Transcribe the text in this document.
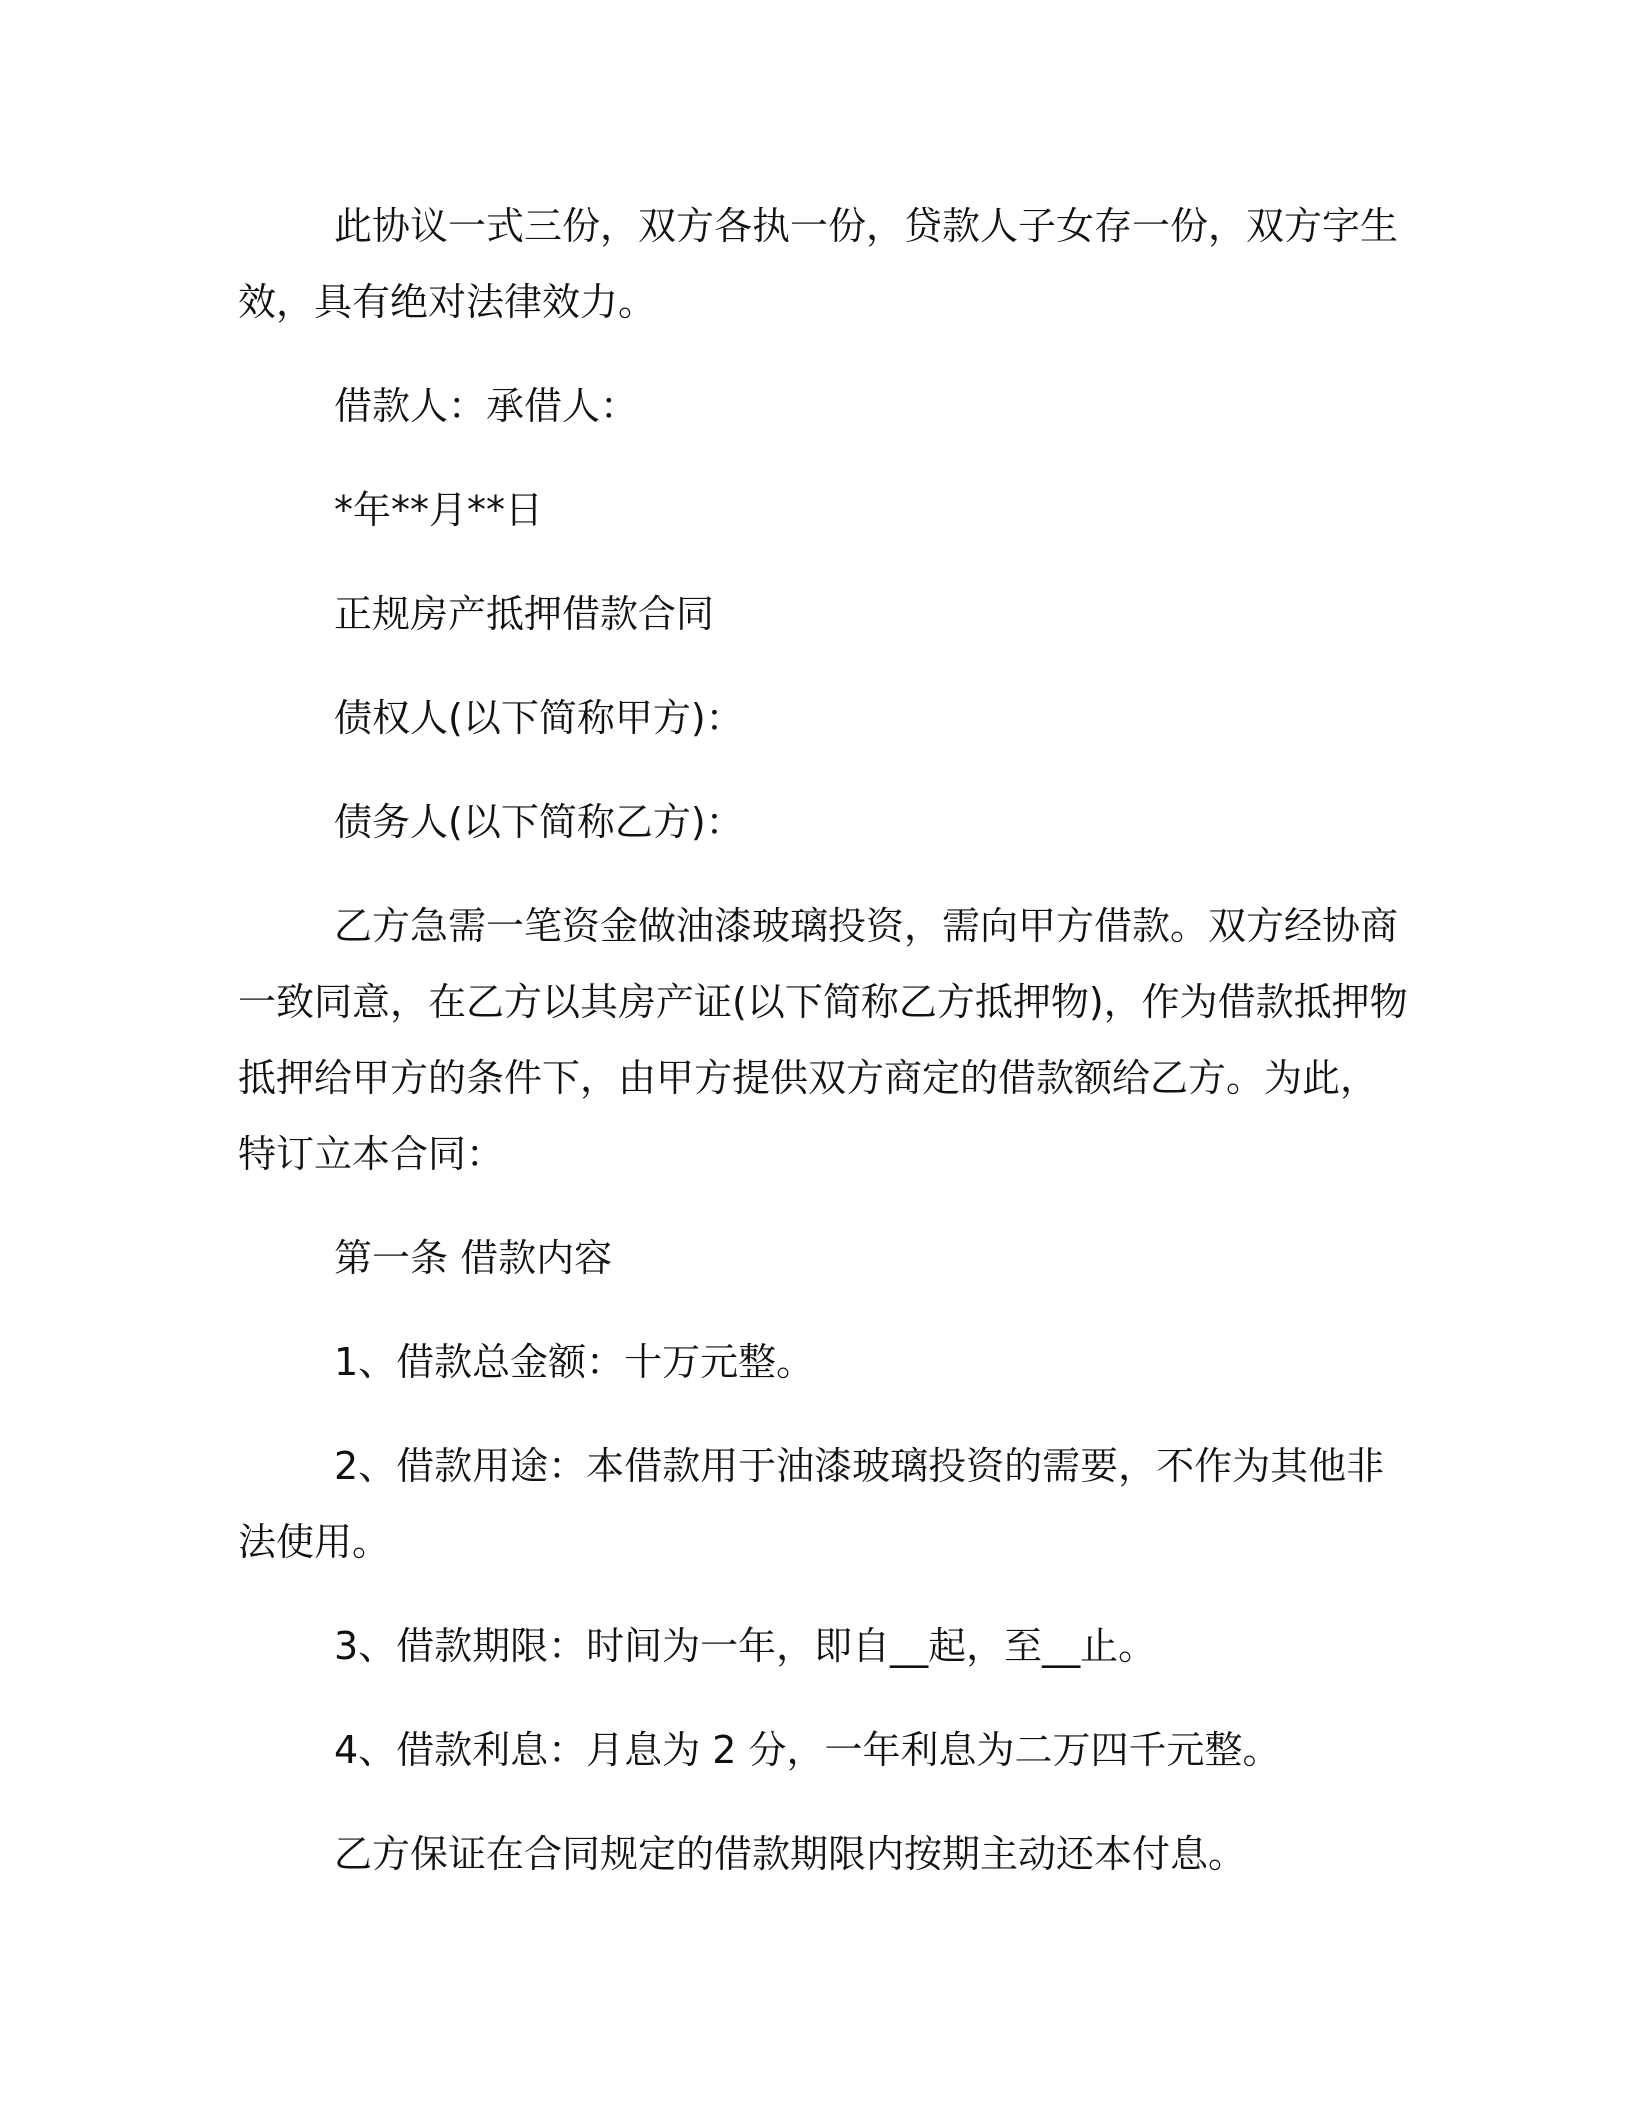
此协议一式三份，双方各执一份，贷款人子女存一份，双方字生
效，具有绝对法律效力。
借款人：承借人：
*年**月**日
正规房产抵押借款合同
债权人(以下简称甲方)：
债务人(以下简称乙方)：
乙方急需一笔资金做油漆玻璃投资，需向甲方借款。双方经协商
一致同意，在乙方以其房产证(以下简称乙方抵押物)，作为借款抵押物
抵押给甲方的条件下，由甲方提供双方商定的借款额给乙方。为此，
特订立本合同：
第一条 借款内容
1、借款总金额：十万元整。
2、借款用途：本借款用于油漆玻璃投资的需要，不作为其他非
法使用。
3、借款期限：时间为一年，即自__起，至__止。
4、借款利息：月息为 2 分，一年利息为二万四千元整。
乙方保证在合同规定的借款期限内按期主动还本付息。
